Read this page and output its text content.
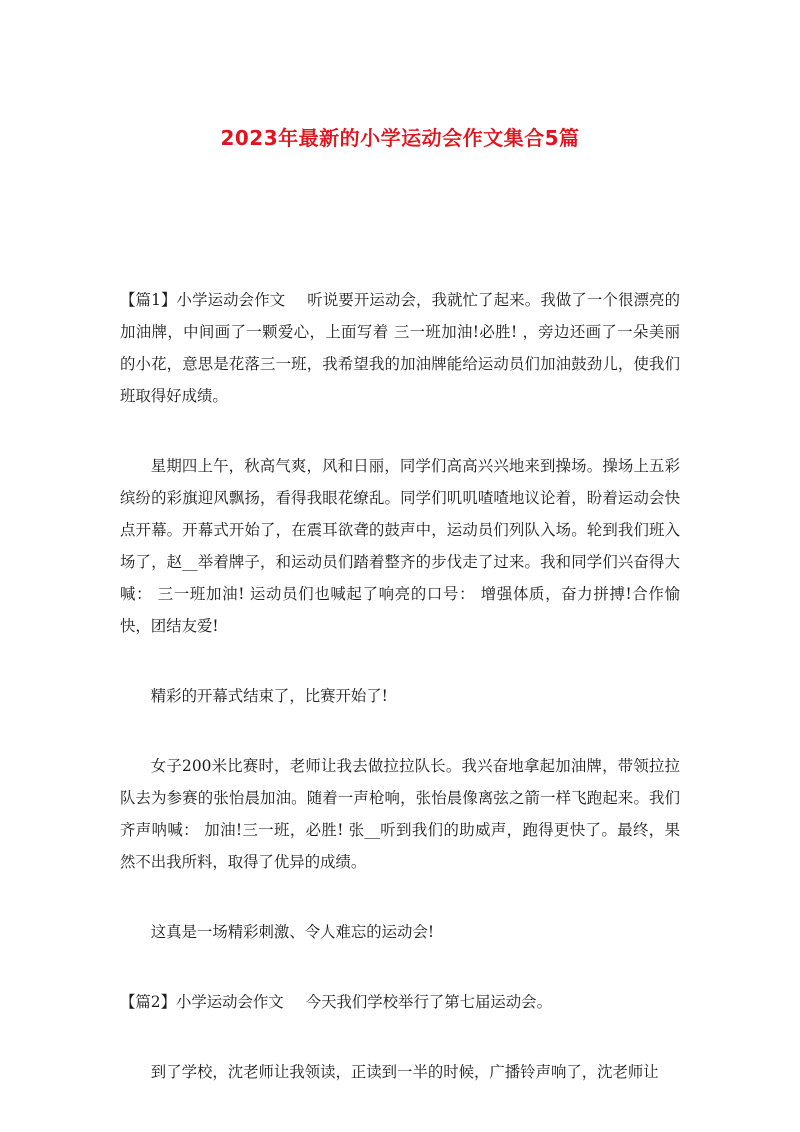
2023年最新的小学运动会作文集合5篇

【篇1】小学运动会作文 听说要开运动会，我就忙了起来。我做了一个很漂亮的加油牌，中间画了一颗爱心，上面写着 三一班加油!必胜! ，旁边还画了一朵美丽的小花，意思是花落三一班，我希望我的加油牌能给运动员们加油鼓劲儿，使我们班取得好成绩。

星期四上午，秋高气爽，风和日丽，同学们高高兴兴地来到操场。操场上五彩缤纷的彩旗迎风飘扬，看得我眼花缭乱。同学们叽叽喳喳地议论着，盼着运动会快点开幕。开幕式开始了，在震耳欲聋的鼓声中，运动员们列队入场。轮到我们班入场了，赵__举着牌子，和运动员们踏着整齐的步伐走了过来。我和同学们兴奋得大喊： 三一班加油! 运动员们也喊起了响亮的口号： 增强体质，奋力拼搏!合作愉快，团结友爱!

精彩的开幕式结束了，比赛开始了!

女子200米比赛时，老师让我去做拉拉队长。我兴奋地拿起加油牌，带领拉拉队去为参赛的张怡晨加油。随着一声枪响，张怡晨像离弦之箭一样飞跑起来。我们齐声呐喊： 加油!三一班，必胜! 张__听到我们的助威声，跑得更快了。最终，果然不出我所料，取得了优异的成绩。

这真是一场精彩刺激、令人难忘的运动会!

【篇2】小学运动会作文 今天我们学校举行了第七届运动会。

到了学校，沈老师让我领读，正读到一半的时候，广播铃声响了，沈老师让
